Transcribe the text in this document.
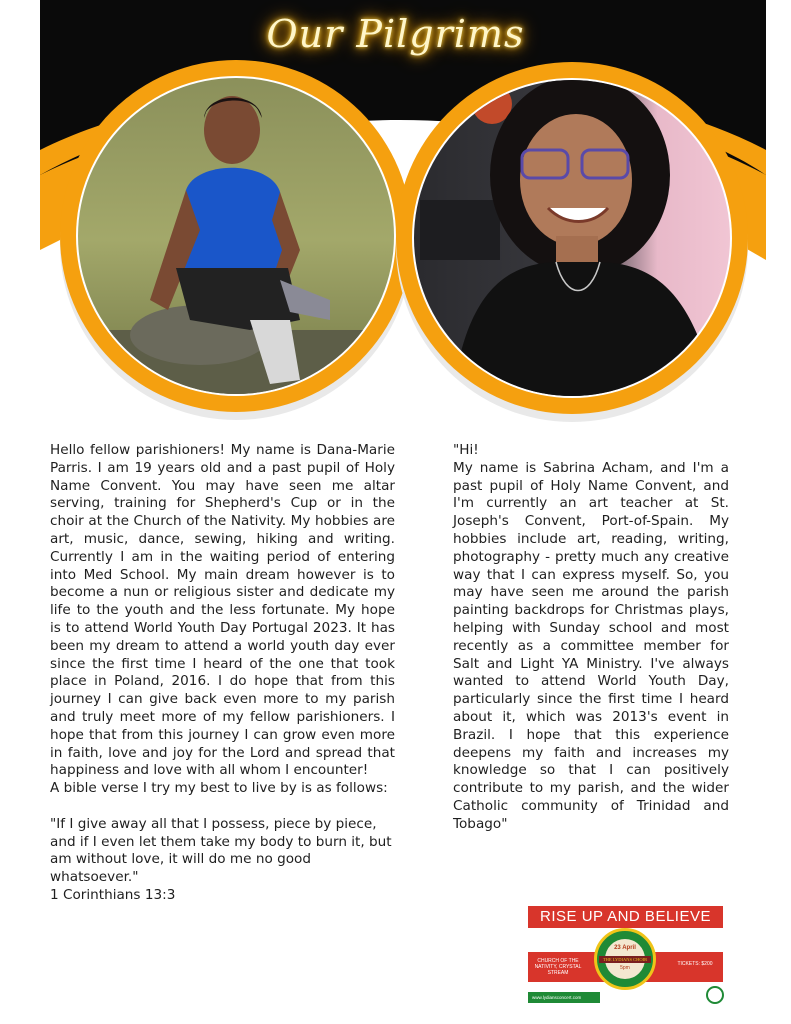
Our Pilgrims

Hello fellow parishioners! My name is Dana-Marie Parris. I am 19 years old and a past pupil of Holy Name Convent. You may have seen me altar serving, training for Shepherd's Cup or in the choir at the Church of the Nativity. My hobbies are art, music, dance, sewing, hiking and writing. Currently I am in the waiting period of entering into Med School. My main dream however is to become a nun or religious sister and dedicate my life to the youth and the less fortunate. My hope is to attend World Youth Day Portugal 2023. It has been my dream to attend a world youth day ever since the first time I heard of the one that took place in Poland, 2016. I do hope that from this journey I can give back even more to my parish and truly meet more of my fellow parishioners. I hope that from this journey I can grow even more in faith, love and joy for the Lord and spread that happiness and love with all whom I encounter!

A bible verse I try my best to live by is as follows:

"If I give away all that I possess, piece by piece, and if I even let them take my body to burn it, but am without love, it will do me no good whatsoever."

1 Corinthians 13:3

"Hi!

My name is Sabrina Acham, and I'm a past pupil of Holy Name Convent, and I'm currently an art teacher at St. Joseph's Convent, Port-of-Spain. My hobbies include art, reading, writing, photography - pretty much any creative way that I can express myself. So, you may have seen me around the parish painting backdrops for Christmas plays, helping with Sunday school and most recently as a committee member for Salt and Light YA Ministry. I've always wanted to attend World Youth Day, particularly since the first time I heard about it, which was 2013's event in Brazil. I hope that this experience deepens my faith and increases my knowledge so that I can positively contribute to my parish, and the wider Catholic community of Trinidad and Tobago"

RISE UP AND BELIEVE
CHURCH OF THE NATIVITY, CRYSTAL STREAM
TICKETS: $200
23 April
THE LYDIANS CHOIR
5pm
www.lydiansconcert.com
